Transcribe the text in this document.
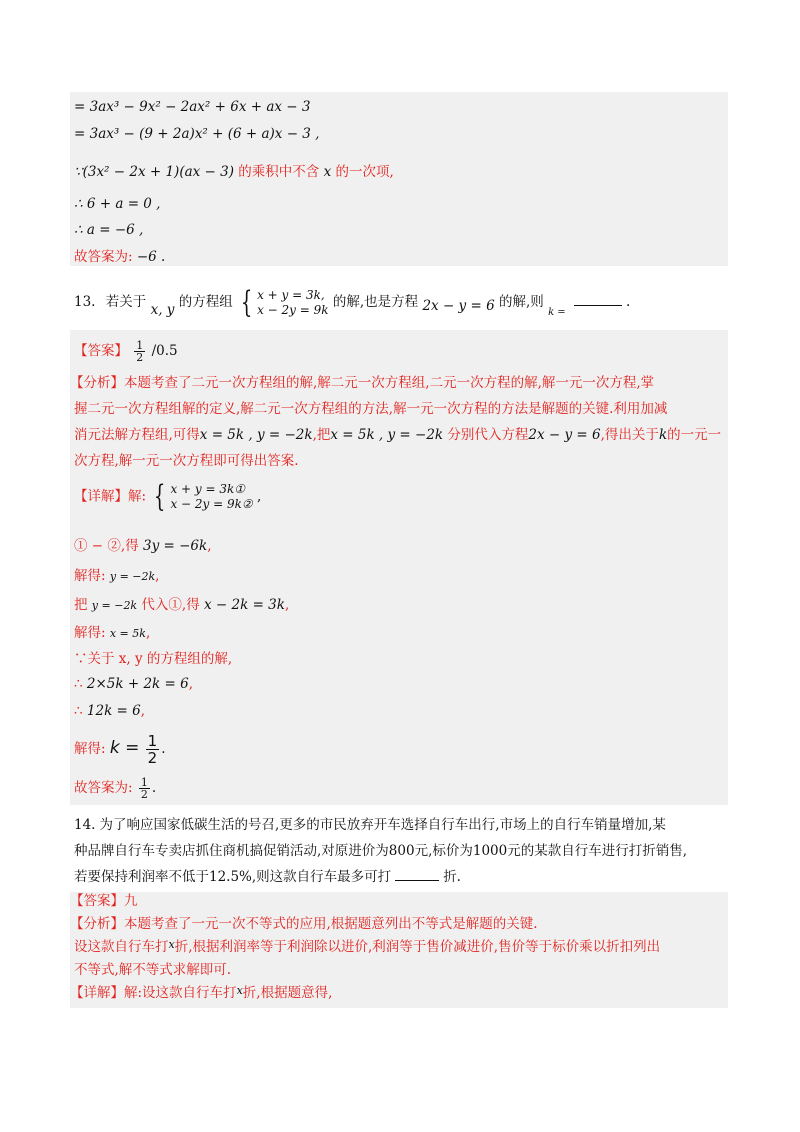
= 3ax³ − 9x² − 2ax² + 6x + ax − 3
= 3ax³ − (9 + 2a)x² + (6 + a)x − 3 ,
∵(3x² − 2x + 1)(ax − 3) 的乘积中不含 x 的一次项,
∴ 6 + a = 0 ,
∴ a = −6 ,
故答案为: −6 .
13. 若关于 x, y 的方程组 { x + y = 3k,
x − 2y = 9k 的解,也是方程 2x − y = 6 的解,则 $_{k =}$ .
【答案】 $\frac{1}{2} /0.5$
【分析】本题考查了二元一次方程组的解,解二元一次方程组,二元一次方程的解,解一元一次方程,掌
握二元一次方程组解的定义,解二元一次方程组的方法,解一元一次方程的方法是解题的关键.利用加减
消元法解方程组,可得x = 5k , y = −2k,把x = 5k , y = −2k 分别代入方程2x − y = 6,得出关于k的一元一
次方程,解一元一次方程即可得出答案.
【详解】解: { x + y = 3k①
x − 2y = 9k② ,
① − ②,得 3y = −6k,
解得: y = −2k,
把 y = −2k 代入①,得 x − 2k = 3k,
解得: x = 5k,
∵关于 x, y 的方程组的解,
∴ 2×5k + 2k = 6,
∴ 12k = 6,
解得: $k = \frac{1}{2}$ .
故答案为: $\frac{1}{2}$ .
14. 为了响应国家低碳生活的号召,更多的市民放弃开车选择自行车出行,市场上的自行车销量增加,某
种品牌自行车专卖店抓住商机搞促销活动,对原进价为800元,标价为1000元的某款自行车进行打折销售,
若要保持利润率不低于12.5%,则这款自行车最多可打	折.
【答案】九
【分析】本题考查了一元一次不等式的应用,根据题意列出不等式是解题的关键.
设这款自行车打$^x$折,根据利润率等于利润除以进价,利润等于售价减进价,售价等于标价乘以折扣列出
不等式,解不等式求解即可.
【详解】解:设这款自行车打$^x$折,根据题意得,
